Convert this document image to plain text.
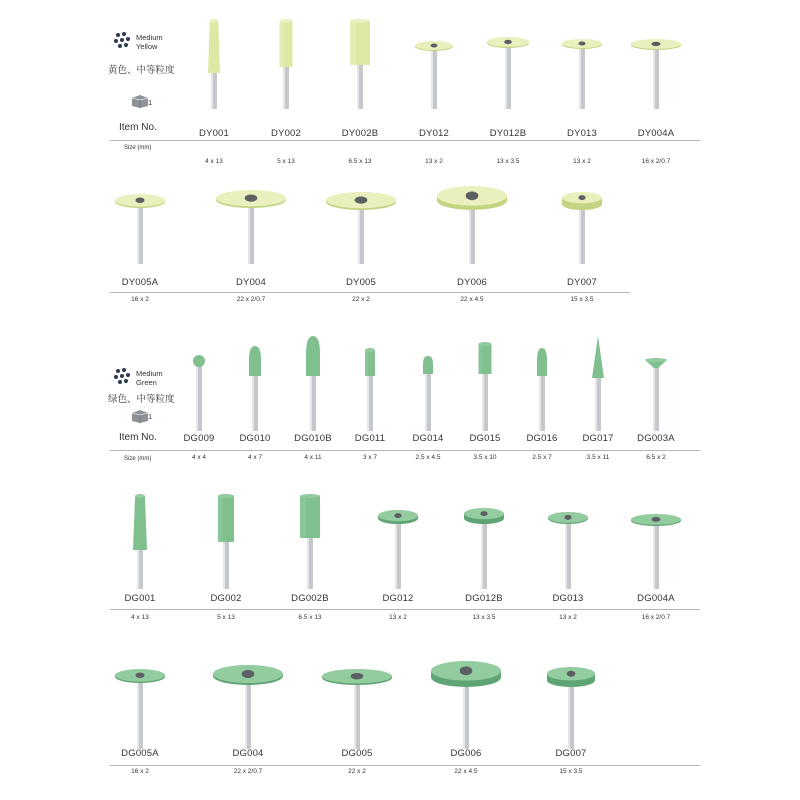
Medium
Yellow
黄色、中等粒度
1
Item No.
Size (mm)
Medium
Green
绿色、中等粒度
1
Item No.
Size (mm)
DY001
4 x 13
DY002
5 x 13
DY002B
6.5 x 13
DY012
13 x 2
DY012B
13 x 3.5
DY013
13 x 2
DY004A
16 x 2/0.7
DY005A
16 x 2
DY004
22 x 2/0.7
DY005
22 x 2
DY006
22 x 4.5
DY007
15 x 3.5
DG009
4 x 4
DG010
4 x 7
DG010B
4 x 11
DG011
3 x 7
DG014
2.5 x 4.5
DG015
3.5 x 10
DG016
2.5 x 7
DG017
3.5 x 11
DG003A
6.5 x 2
DG001
4 x 13
DG002
5 x 13
DG002B
6.5 x 13
DG012
13 x 2
DG012B
13 x 3.5
DG013
13 x 2
DG004A
16 x 2/0.7
DG005A
16 x 2
DG004
22 x 2/0.7
DG005
22 x 2
DG006
22 x 4.5
DG007
15 x 3.5
